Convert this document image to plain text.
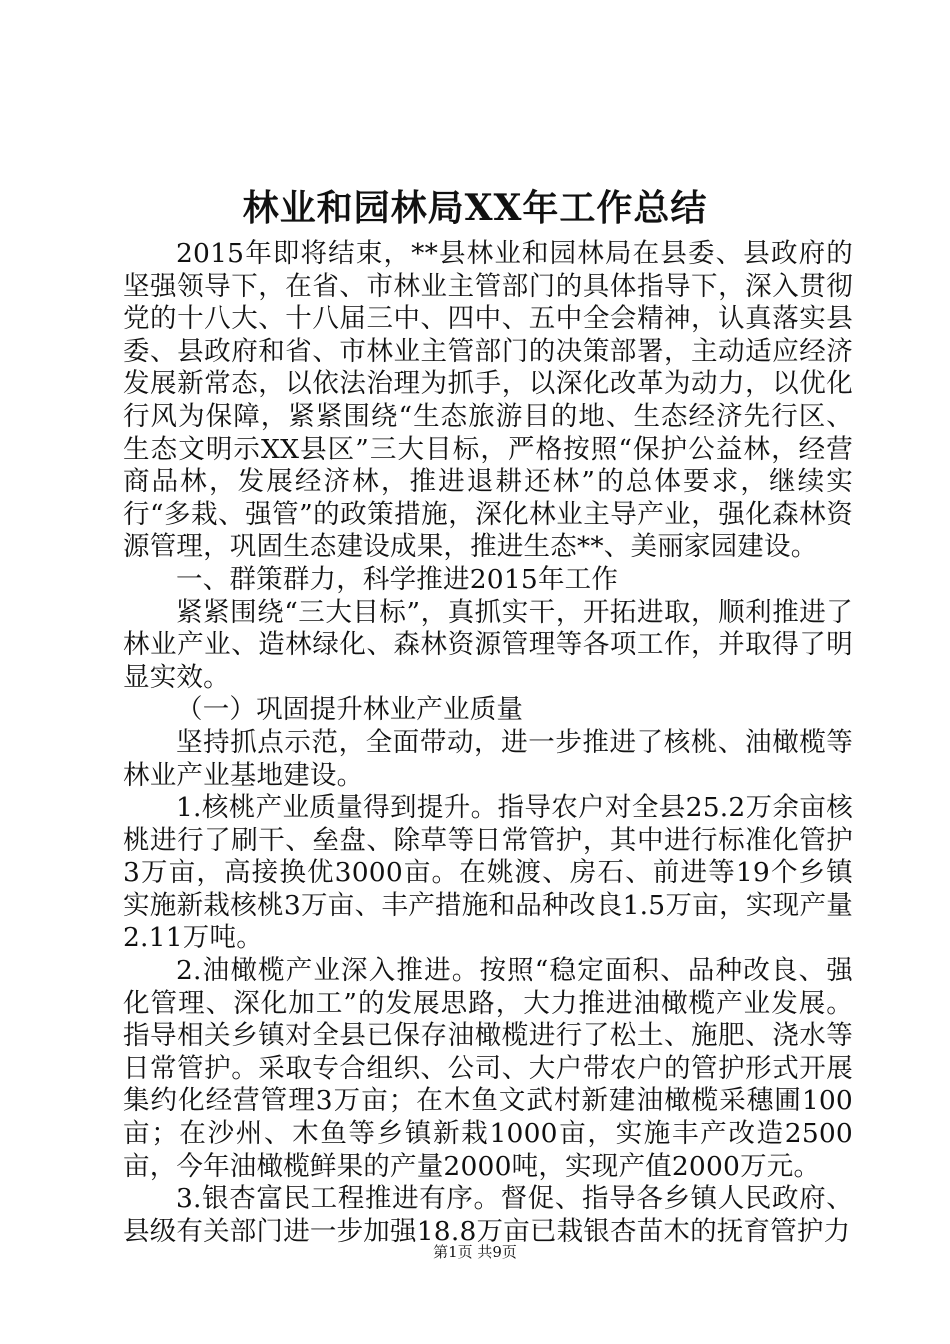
林业和园林局XX年工作总结

2015年即将结束，**县林业和园林局在县委、县政府的坚强领导下，在省、市林业主管部门的具体指导下，深入贯彻党的十八大、十八届三中、四中、五中全会精神，认真落实县委、县政府和省、市林业主管部门的决策部署，主动适应经济发展新常态，以依法治理为抓手，以深化改革为动力，以优化行风为保障，紧紧围绕“生态旅游目的地、生态经济先行区、生态文明示XX县区”三大目标，严格按照“保护公益林，经营商品林，发展经济林，推进退耕还林”的总体要求，继续实行“多栽、强管”的政策措施，深化林业主导产业，强化森林资源管理，巩固生态建设成果，推进生态**、美丽家园建设。

一、群策群力，科学推进2015年工作

紧紧围绕“三大目标”，真抓实干，开拓进取，顺利推进了林业产业、造林绿化、森林资源管理等各项工作，并取得了明显实效。

（一）巩固提升林业产业质量

坚持抓点示范，全面带动，进一步推进了核桃、油橄榄等林业产业基地建设。

1.核桃产业质量得到提升。指导农户对全县25.2万余亩核桃进行了刷干、垒盘、除草等日常管护，其中进行标准化管护3万亩，高接换优3000亩。在姚渡、房石、前进等19个乡镇实施新栽核桃3万亩、丰产措施和品种改良1.5万亩，实现产量2.11万吨。

2.油橄榄产业深入推进。按照“稳定面积、品种改良、强化管理、深化加工”的发展思路，大力推进油橄榄产业发展。指导相关乡镇对全县已保存油橄榄进行了松土、施肥、浇水等日常管护。采取专合组织、公司、大户带农户的管护形式开展集约化经营管理3万亩；在木鱼文武村新建油橄榄采穗圃100亩；在沙州、木鱼等乡镇新栽1000亩，实施丰产改造2500亩，今年油橄榄鲜果的产量2000吨，实现产值2000万元。

3.银杏富民工程推进有序。督促、指导各乡镇人民政府、县级有关部门进一步加强18.8万亩已栽银杏苗木的抚育管护力

第1页 共9页
